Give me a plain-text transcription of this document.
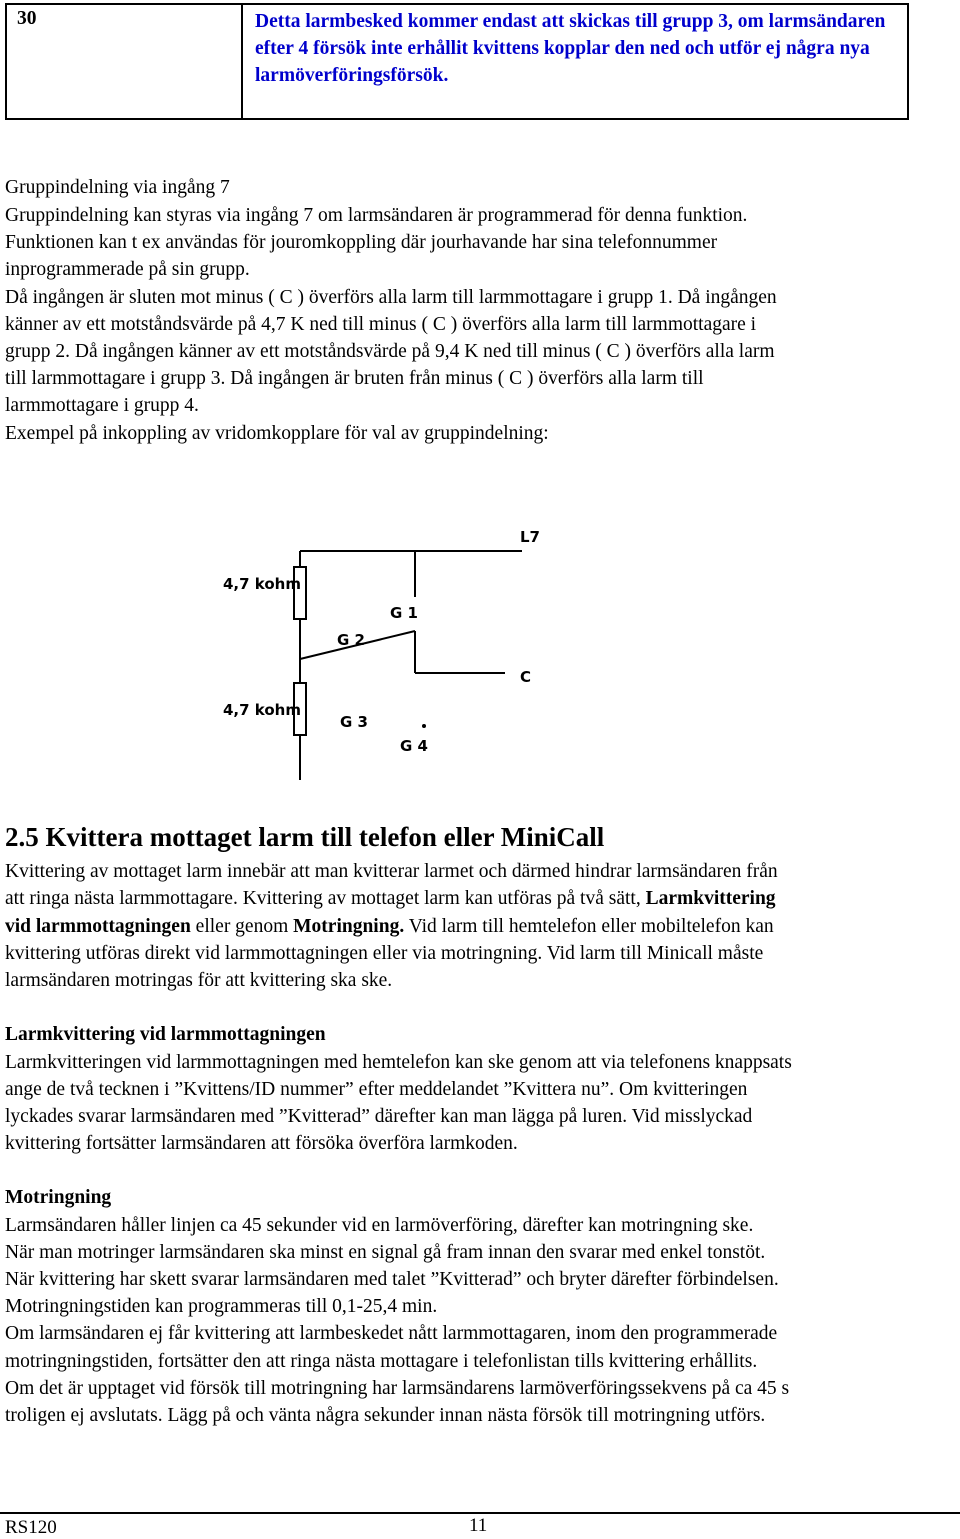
30	Detta larmbesked kommer endast att skickas till grupp 3, om larmsändaren efter 4 försök inte erhållit kvittens kopplar den ned och utför ej några nya larmöverföringsförsök.
Gruppindelning via ingång 7
Gruppindelning kan styras via ingång 7 om larmsändaren är programmerad för denna funktion.
Funktionen kan t ex användas för jouromkoppling där jourhavande har sina telefonnummer
inprogrammerade på sin grupp.
Då ingången är sluten mot minus ( C ) överförs alla larm till larmmottagare i grupp 1. Då ingången
känner av ett motståndsvärde på 4,7 K ned till minus ( C ) överförs alla larm till larmmottagare i
grupp 2. Då ingången känner av ett motståndsvärde på 9,4 K ned till minus ( C ) överförs alla larm
till larmmottagare i grupp 3. Då ingången är bruten från minus ( C ) överförs alla larm till
larmmottagare i grupp 4.
Exempel på inkoppling av vridomkopplare för val av gruppindelning:
4,7 kohm
4,7 kohm
L7
G 1
G 2
G 3
G 4
C
2.5 Kvittera mottaget larm till telefon eller MiniCall
Kvittering av mottaget larm innebär att man kvitterar larmet och därmed hindrar larmsändaren från
att ringa nästa larmmottagare. Kvittering av mottaget larm kan utföras på två sätt, Larmkvittering
vid larmmottagningen eller genom Motringning. Vid larm till hemtelefon eller mobiltelefon kan
kvittering utföras direkt vid larmmottagningen eller via motringning. Vid larm till Minicall måste
larmsändaren motringas för att kvittering ska ske.
Larmkvittering vid larmmottagningen
Larmkvitteringen vid larmmottagningen med hemtelefon kan ske genom att via telefonens knappsats
ange de två tecknen i ”Kvittens/ID nummer” efter meddelandet ”Kvittera nu”. Om kvitteringen
lyckades svarar larmsändaren med ”Kvitterad” därefter kan man lägga på luren. Vid misslyckad
kvittering fortsätter larmsändaren att försöka överföra larmkoden.
Motringning
Larmsändaren håller linjen ca 45 sekunder vid en larmöverföring, därefter kan motringning ske.
När man motringer larmsändaren ska minst en signal gå fram innan den svarar med enkel tonstöt.
När kvittering har skett svarar larmsändaren med talet ”Kvitterad” och bryter därefter förbindelsen.
Motringningstiden kan programmeras till 0,1-25,4 min.
Om larmsändaren ej får kvittering att larmbeskedet nått larmmottagaren, inom den programmerade
motringningstiden, fortsätter den att ringa nästa mottagare i telefonlistan tills kvittering erhållits.
Om det är upptaget vid försök till motringning har larmsändarens larmöverföringssekvens på ca 45 s
troligen ej avslutats. Lägg på och vänta några sekunder innan nästa försök till motringning utförs.
RS120	11
